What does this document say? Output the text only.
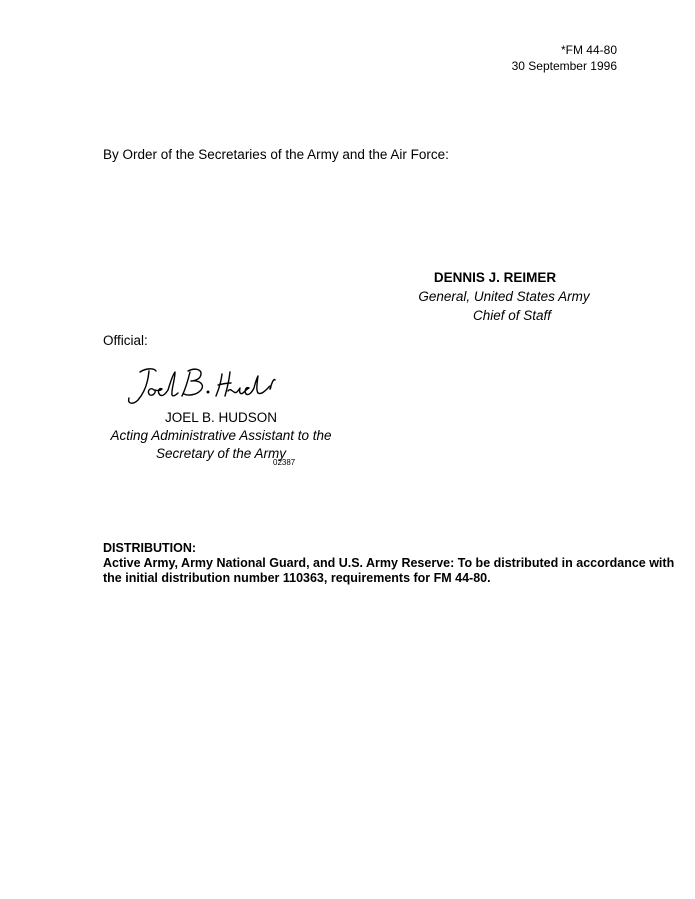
*FM 44-80
30 September 1996
By Order of the Secretaries of the Army and the Air Force:
DENNIS J. REIMER
General, United States Army
Chief of Staff
Official:
JOEL B. HUDSON
Acting Administrative Assistant to the
Secretary of the Army
02387
DISTRIBUTION:
Active Army, Army National Guard, and U.S. Army Reserve: To be distributed in accordance with
the initial distribution number 110363, requirements for FM 44-80.
